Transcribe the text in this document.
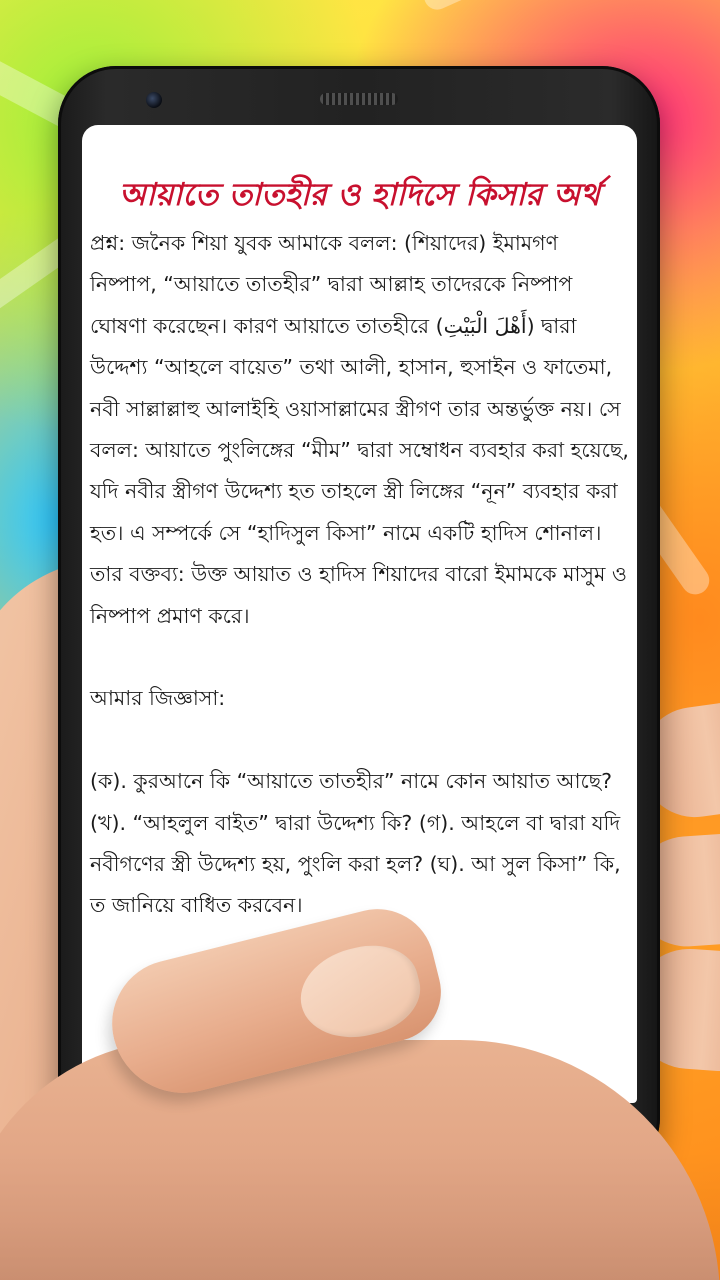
আয়াতে তাতহীর ও হাদিসে কিসার অর্থ

প্রশ্ন: জনৈক শিয়া যুবক আমাকে বলল: (শিয়াদের) ইমামগণ নিষ্পাপ, “আয়াতে তাতহীর” দ্বারা আল্লাহ তাদেরকে নিষ্পাপ ঘোষণা করেছেন। কারণ আয়াতে তাতহীরে (أَهْلَ الْبَيْتِ) দ্বারা উদ্দেশ্য “আহলে বায়েত” তথা আলী, হাসান, হুসাইন ও ফাতেমা, নবী সাল্লাল্লাহু আলাইহি ওয়াসাল্লামের স্ত্রীগণ তার অন্তর্ভুক্ত নয়। সে বলল: আয়াতে পুংলিঙ্গের “মীম” দ্বারা সম্বোধন ব্যবহার করা হয়েছে, যদি নবীর স্ত্রীগণ উদ্দেশ্য হত তাহলে স্ত্রী লিঙ্গের “নূন” ব্যবহার করা হত। এ সম্পর্কে সে “হাদিসুল কিসা” নামে একটি হাদিস শোনাল। তার বক্তব্য: উক্ত আয়াত ও হাদিস শিয়াদের বারো ইমামকে মাসুম ও নিষ্পাপ প্রমাণ করে।

আমার জিজ্ঞাসা:

(ক). কুরআনে কি “আয়াতে তাতহীর” নামে কোন আয়াত আছে? (খ). “আহলুল বাইত” দ্বারা উদ্দেশ্য কি? (গ). আহলে বা দ্বারা যদি নবীগণের স্ত্রী উদ্দেশ্য হয়, পুংলি করা হল? (ঘ). আ সুল কিসা” কি, ত জানিয়ে বাধিত করবেন।
